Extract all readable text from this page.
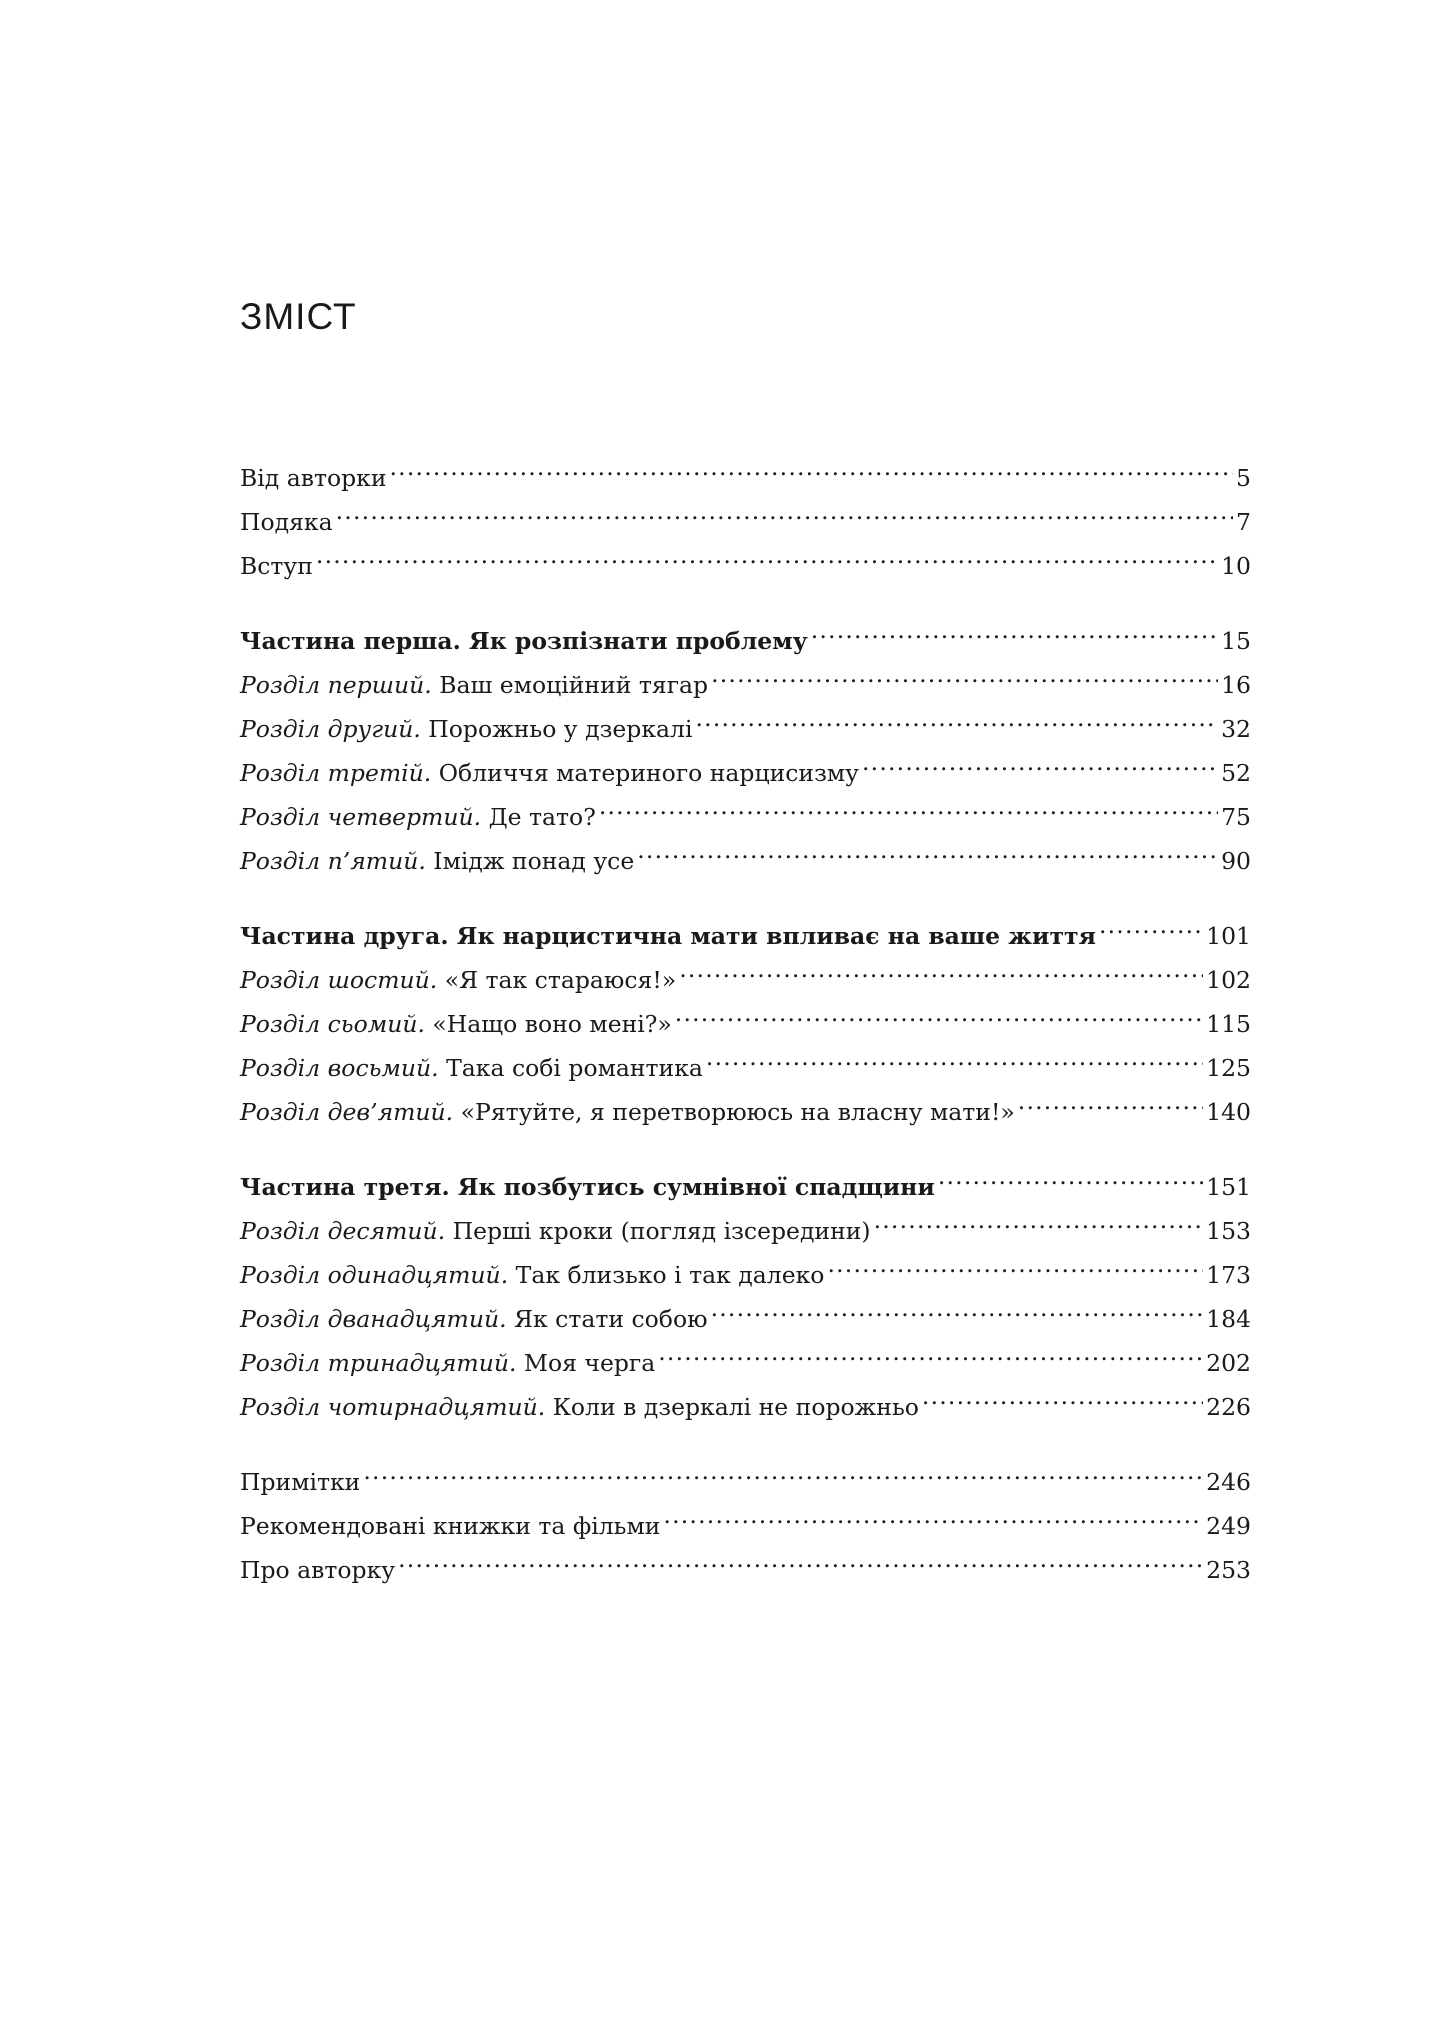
ЗМІСТ
Від авторки .....	5
Подяка .....	7
Вступ .....	10
Частина перша. Як розпізнати проблему .....	15
Розділ перший. Ваш емоційний тягар .....	16
Розділ другий. Порожньо у дзеркалі .....	32
Розділ третій. Обличчя материного нарцисизму .....	52
Розділ четвертий. Де тато? .....	75
Розділ п’ятий. Імідж понад усе .....	90
Частина друга. Як нарцистична мати впливає на ваше життя .....	101
Розділ шостий. «Я так стараюся!» .....	102
Розділ сьомий. «Нащо воно мені?» .....	115
Розділ восьмий. Така собі романтика .....	125
Розділ дев’ятий. «Рятуйте, я перетворююсь на власну мати!» .....	140
Частина третя. Як позбутись сумнівної спадщини .....	151
Розділ десятий. Перші кроки (погляд ізсередини) .....	153
Розділ одинадцятий. Так близько і так далеко .....	173
Розділ дванадцятий. Як стати собою .....	184
Розділ тринадцятий. Моя черга .....	202
Розділ чотирнадцятий. Коли в дзеркалі не порожньо .....	226
Примітки .....	246
Рекомендовані книжки та фільми .....	249
Про авторку .....	253
